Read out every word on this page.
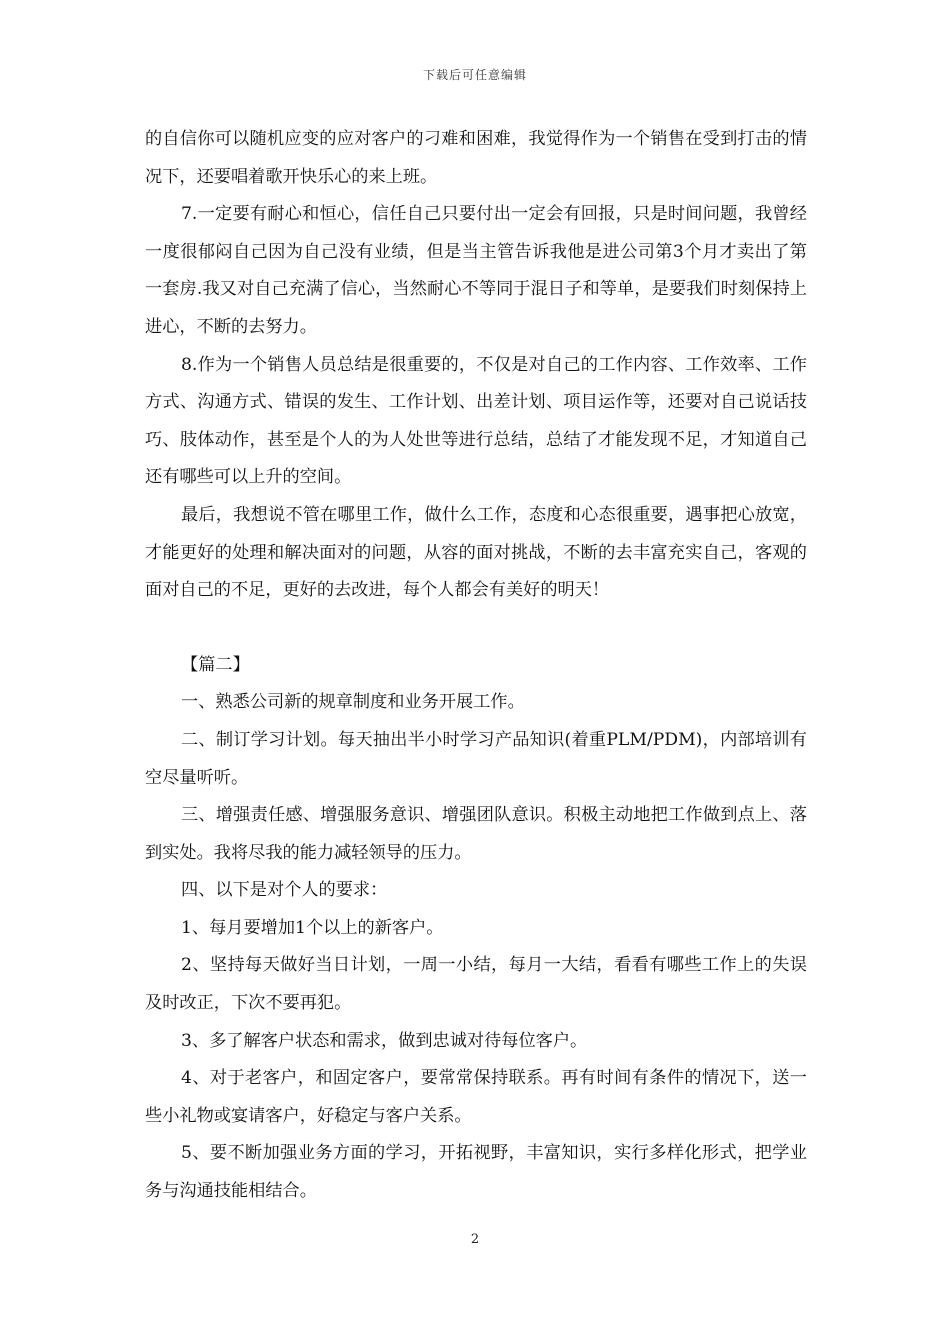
下载后可任意编辑

的自信你可以随机应变的应对客户的刁难和困难，我觉得作为一个销售在受到打击的情况下，还要唱着歌开快乐心的来上班。

7.一定要有耐心和恒心，信任自己只要付出一定会有回报，只是时间问题，我曾经一度很郁闷自己因为自己没有业绩，但是当主管告诉我他是进公司第3个月才卖出了第一套房.我又对自己充满了信心，当然耐心不等同于混日子和等单，是要我们时刻保持上进心，不断的去努力。

8.作为一个销售人员总结是很重要的，不仅是对自己的工作内容、工作效率、工作方式、沟通方式、错误的发生、工作计划、出差计划、项目运作等，还要对自己说话技巧、肢体动作，甚至是个人的为人处世等进行总结，总结了才能发现不足，才知道自己还有哪些可以上升的空间。

最后，我想说不管在哪里工作，做什么工作，态度和心态很重要，遇事把心放宽，才能更好的处理和解决面对的问题，从容的面对挑战，不断的去丰富充实自己，客观的面对自己的不足，更好的去改进，每个人都会有美好的明天！

【篇二】

一、熟悉公司新的规章制度和业务开展工作。

二、制订学习计划。每天抽出半小时学习产品知识(着重PLM/PDM)，内部培训有空尽量听听。

三、增强责任感、增强服务意识、增强团队意识。积极主动地把工作做到点上、落到实处。我将尽我的能力减轻领导的压力。

四、以下是对个人的要求：

1、每月要增加1个以上的新客户。

2、坚持每天做好当日计划，一周一小结，每月一大结，看看有哪些工作上的失误及时改正，下次不要再犯。

3、多了解客户状态和需求，做到忠诚对待每位客户。

4、对于老客户，和固定客户，要常常保持联系。再有时间有条件的情况下，送一些小礼物或宴请客户，好稳定与客户关系。

5、要不断加强业务方面的学习，开拓视野，丰富知识，实行多样化形式，把学业务与沟通技能相结合。

2
